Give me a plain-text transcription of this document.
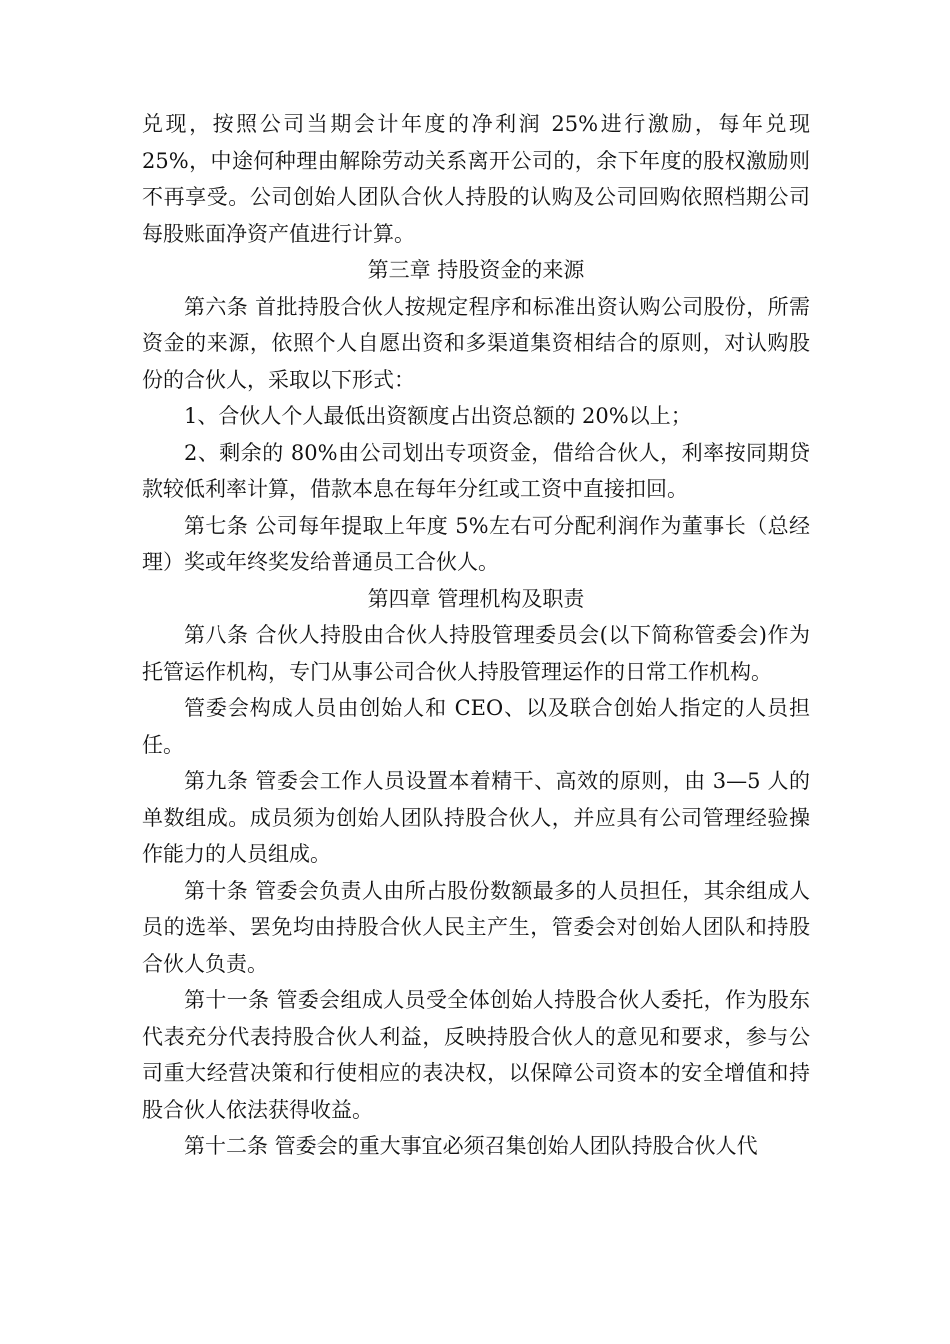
兑现，按照公司当期会计年度的净利润 25%进行激励，每年兑现 25%，中途何种理由解除劳动关系离开公司的，余下年度的股权激励则不再享受。公司创始人团队合伙人持股的认购及公司回购依照档期公司每股账面净资产值进行计算。

第三章 持股资金的来源

第六条 首批持股合伙人按规定程序和标准出资认购公司股份，所需资金的来源，依照个人自愿出资和多渠道集资相结合的原则，对认购股份的合伙人，采取以下形式：

1、合伙人个人最低出资额度占出资总额的 20%以上；

2、剩余的 80%由公司划出专项资金，借给合伙人，利率按同期贷款较低利率计算，借款本息在每年分红或工资中直接扣回。

第七条 公司每年提取上年度 5%左右可分配利润作为董事长（总经理）奖或年终奖发给普通员工合伙人。

第四章 管理机构及职责

第八条 合伙人持股由合伙人持股管理委员会(以下简称管委会)作为托管运作机构，专门从事公司合伙人持股管理运作的日常工作机构。

管委会构成人员由创始人和 CEO、以及联合创始人指定的人员担任。

第九条 管委会工作人员设置本着精干、高效的原则，由 3—5 人的单数组成。成员须为创始人团队持股合伙人，并应具有公司管理经验操作能力的人员组成。

第十条 管委会负责人由所占股份数额最多的人员担任，其余组成人员的选举、罢免均由持股合伙人民主产生，管委会对创始人团队和持股合伙人负责。

第十一条 管委会组成人员受全体创始人持股合伙人委托，作为股东代表充分代表持股合伙人利益，反映持股合伙人的意见和要求，参与公司重大经营决策和行使相应的表决权，以保障公司资本的安全增值和持股合伙人依法获得收益。

第十二条 管委会的重大事宜必须召集创始人团队持股合伙人代
